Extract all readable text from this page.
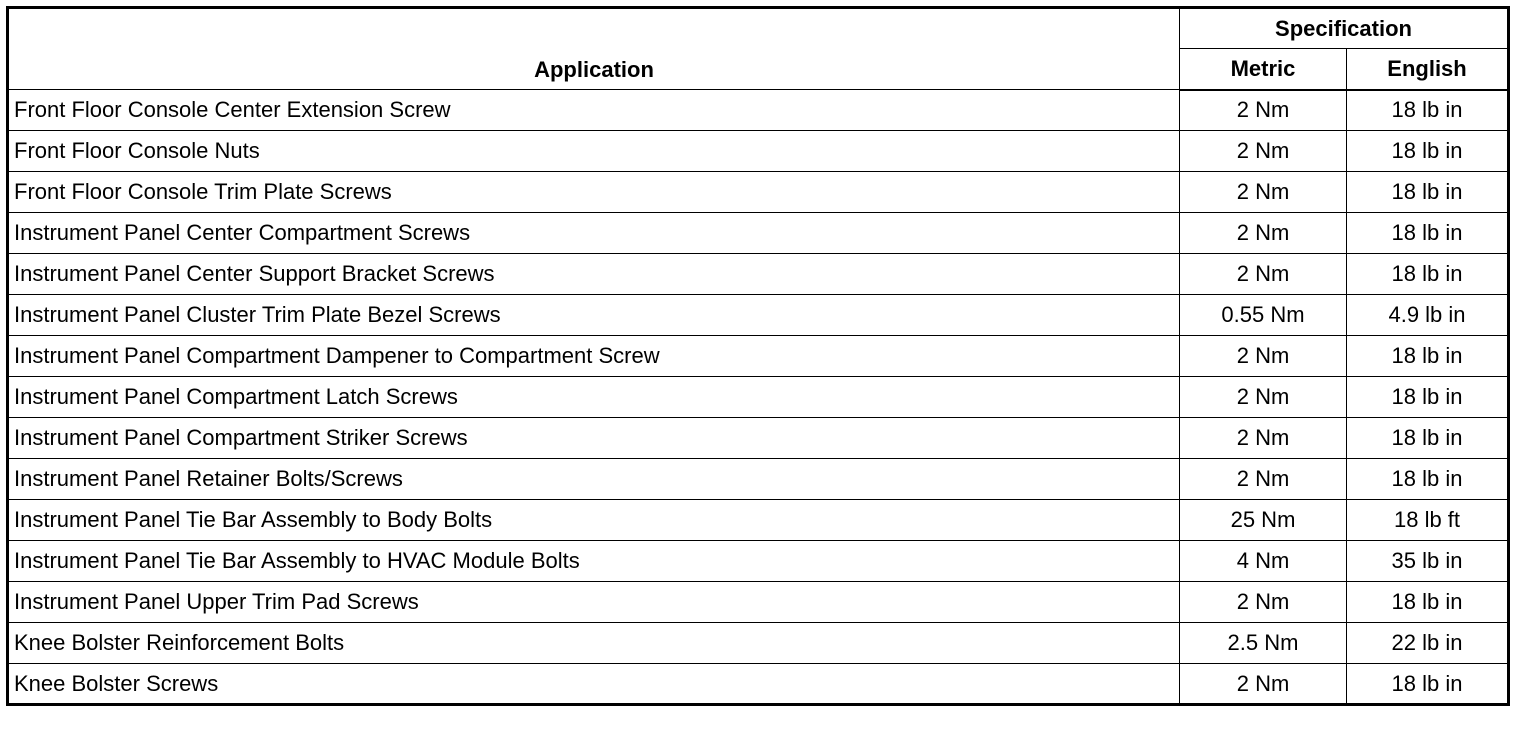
Application	Specification	
	Metric	English
Front Floor Console Center Extension Screw	2 Nm	18 lb in
Front Floor Console Nuts	2 Nm	18 lb in
Front Floor Console Trim Plate Screws	2 Nm	18 lb in
Instrument Panel Center Compartment Screws	2 Nm	18 lb in
Instrument Panel Center Support Bracket Screws	2 Nm	18 lb in
Instrument Panel Cluster Trim Plate Bezel Screws	0.55 Nm	4.9 lb in
Instrument Panel Compartment Dampener to Compartment Screw	2 Nm	18 lb in
Instrument Panel Compartment Latch Screws	2 Nm	18 lb in
Instrument Panel Compartment Striker Screws	2 Nm	18 lb in
Instrument Panel Retainer Bolts/Screws	2 Nm	18 lb in
Instrument Panel Tie Bar Assembly to Body Bolts	25 Nm	18 lb ft
Instrument Panel Tie Bar Assembly to HVAC Module Bolts	4 Nm	35 lb in
Instrument Panel Upper Trim Pad Screws	2 Nm	18 lb in
Knee Bolster Reinforcement Bolts	2.5 Nm	22 lb in
Knee Bolster Screws	2 Nm	18 lb in
